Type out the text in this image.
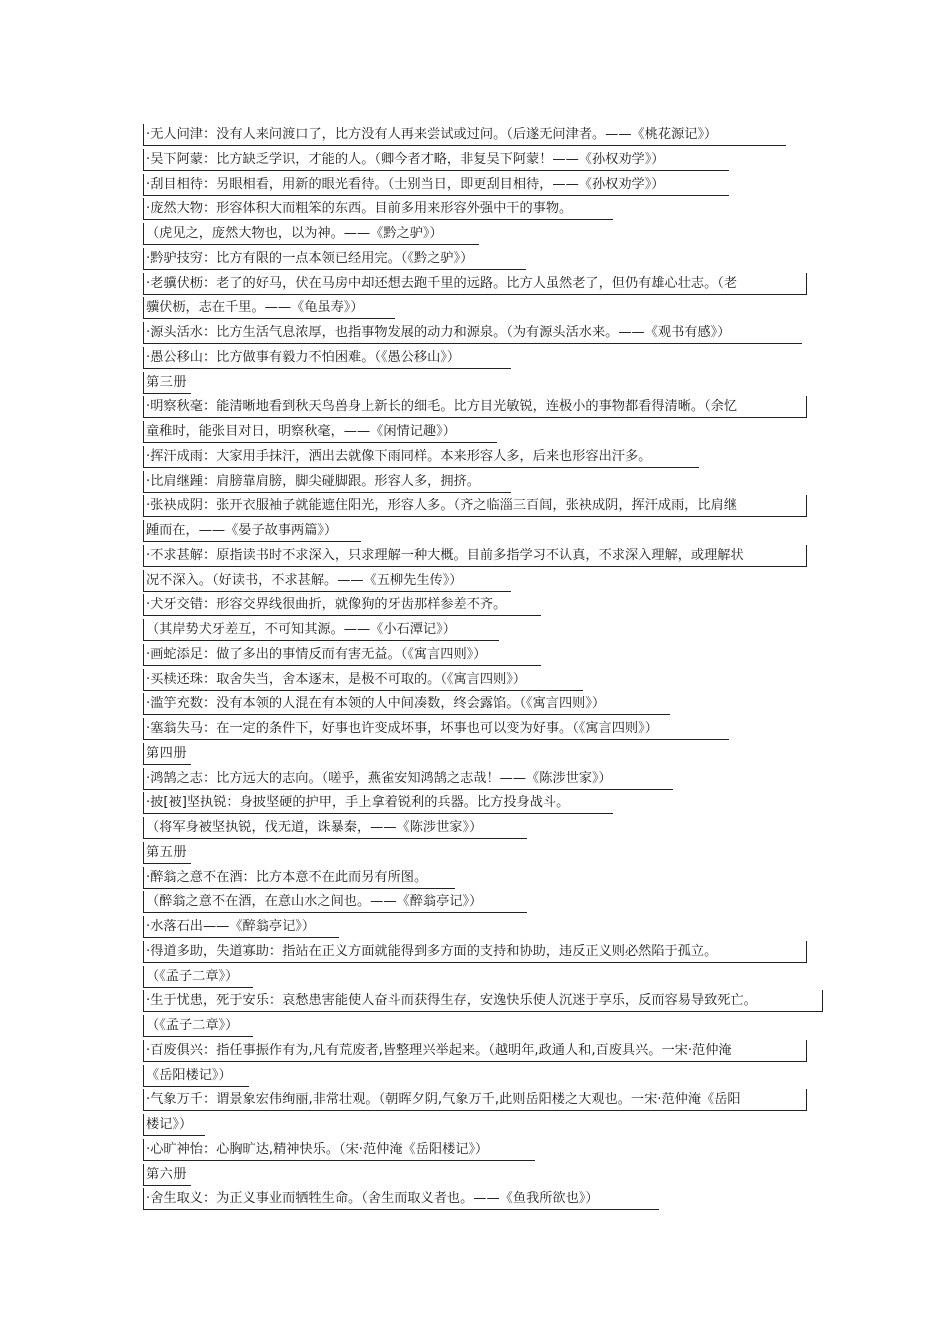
·无人问津：没有人来问渡口了，比方没有人再来尝试或过问。（后遂无问津者。——《桃花源记》）
·吴下阿蒙：比方缺乏学识，才能的人。（卿今者才略，非复吴下阿蒙！——《孙权劝学》）
·刮目相待：另眼相看，用新的眼光看待。（士别当日，即更刮目相待，——《孙权劝学》）
·庞然大物：形容体积大而粗笨的东西。目前多用来形容外强中干的事物。
（虎见之，庞然大物也，以为神。——《黔之驴》）
·黔驴技穷：比方有限的一点本领已经用完。（《黔之驴》）
·老骥伏枥：老了的好马，伏在马房中却还想去跑千里的远路。比方人虽然老了，但仍有雄心壮志。（老
骥伏枥，志在千里。——《龟虽寿》）
·源头活水：比方生活气息浓厚，也指事物发展的动力和源泉。（为有源头活水来。——《观书有感》）
·愚公移山：比方做事有毅力不怕困难。（《愚公移山》）
第三册
·明察秋毫：能清晰地看到秋天鸟兽身上新长的细毛。比方目光敏锐，连极小的事物都看得清晰。（余忆
童稚时，能张目对日，明察秋毫，——《闲情记趣》）
·挥汗成雨：大家用手抹汗，洒出去就像下雨同样。本来形容人多，后来也形容出汗多。
·比肩继踵：肩膀靠肩膀，脚尖碰脚跟。形容人多，拥挤。
·张袂成阴：张开衣服袖子就能遮住阳光，形容人多。（齐之临淄三百闾，张袂成阴，挥汗成雨，比肩继
踵而在，——《晏子故事两篇》）
·不求甚解：原指读书时不求深入，只求理解一种大概。目前多指学习不认真，不求深入理解，或理解状
况不深入。（好读书，不求甚解。——《五柳先生传》）
·犬牙交错：形容交界线很曲折，就像狗的牙齿那样参差不齐。
（其岸势犬牙差互，不可知其源。——《小石潭记》）
·画蛇添足：做了多出的事情反而有害无益。（《寓言四则》）
·买椟还珠：取舍失当，舍本逐末，是极不可取的。（《寓言四则》）
·滥竽充数：没有本领的人混在有本领的人中间凑数，终会露馅。（《寓言四则》）
·塞翁失马：在一定的条件下，好事也许变成坏事，坏事也可以变为好事。（《寓言四则》）
第四册
·鸿鹄之志：比方远大的志向。（嗟乎，燕雀安知鸿鹄之志哉！——《陈涉世家》）
·披[被]坚执锐：身披坚硬的护甲，手上拿着锐利的兵器。比方投身战斗。
（将军身被坚执锐，伐无道，诛暴秦，——《陈涉世家》）
第五册
·醉翁之意不在酒：比方本意不在此而另有所图。
（醉翁之意不在酒，在意山水之间也。——《醉翁亭记》）
·水落石出——《醉翁亭记》）
·得道多助，失道寡助：指站在正义方面就能得到多方面的支持和协助，违反正义则必然陷于孤立。
（《孟子二章》）
·生于忧患，死于安乐：哀愁患害能使人奋斗而获得生存，安逸快乐使人沉迷于享乐，反而容易导致死亡。
（《孟子二章》）
·百废俱兴：指任事振作有为,凡有荒废者,皆整理兴举起来。（越明年,政通人和,百废具兴。一宋·范仲淹
《岳阳楼记》）
·气象万千：谓景象宏伟绚丽,非常壮观。（朝晖夕阴,气象万千,此则岳阳楼之大观也。一宋·范仲淹《岳阳
楼记》）
·心旷神怡：心胸旷达,精神快乐。（宋·范仲淹《岳阳楼记》）
第六册
·舍生取义：为正义事业而牺牲生命。（舍生而取义者也。——《鱼我所欲也》）
